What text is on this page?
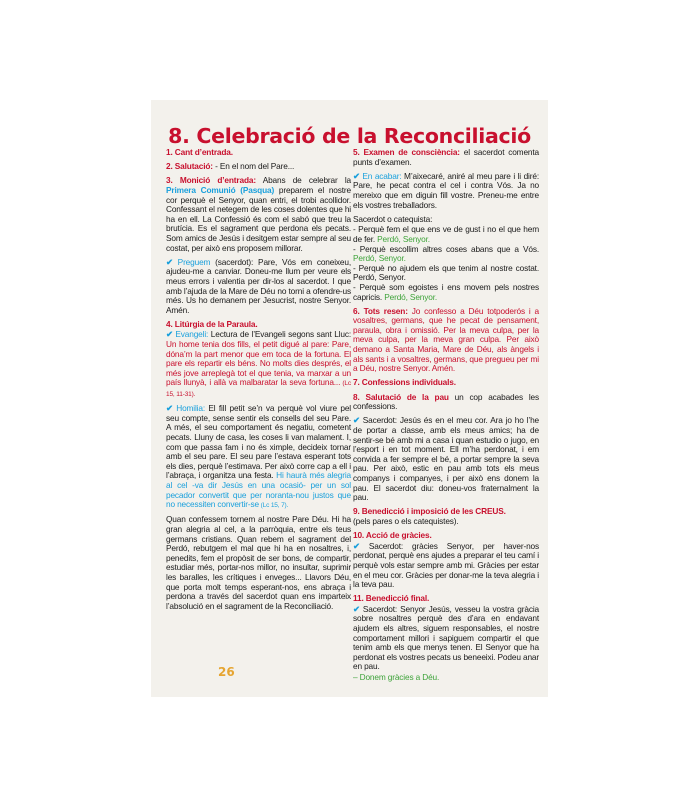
8. Celebració de la Reconciliació

1. Cant d’entrada.

2. Salutació: - En el nom del Pare...

3. Monició d’entrada: Abans de celebrar la Primera Comunió (Pasqua) preparem el nostre cor perquè el Senyor, quan entri, el trobi acollidor. Confessant el netegem de les coses dolentes que hi ha en ell. La Confessió és com el sabó que treu la brutícia. Es el sagrament que perdona els pecats. Som amics de Jesús i desitgem estar sempre al seu costat, per això ens proposem millorar.

✔ Preguem (sacerdot): Pare, Vós em coneixeu, ajudeu-me a canviar. Doneu-me llum per veure els meus errors i valentia per dir-los al sacerdot. I que amb l’ajuda de la Mare de Déu no torni a ofendre-us més. Us ho demanem per Jesucrist, nostre Senyor. Amén.

4. Litúrgia de la Paraula.

✔ Evangeli: Lectura de l’Evangeli segons sant Lluc: Un home tenia dos fills, el petit digué al pare: Pare, dóna’m la part menor que em toca de la fortuna. El pare els repartir els béns. No molts dies després, el més jove arreplegà tot el que tenia, va marxar a un país llunyà, i allà va malbaratar la seva fortuna... (Lc 15, 11-31).

✔ Homilia: El fill petit se’n va perquè vol viure pel seu compte, sense sentir els consells del seu Pare. A més, el seu comportament és negatiu, cometent pecats. Lluny de casa, les coses li van malament. I, com que passa fam i no és ximple, decideix tornar amb el seu pare. El seu pare l’estava esperant tots els dies, perquè l’estimava. Per això corre cap a ell i l’abraça, i organitza una festa. Hi haurà més alegria al cel -va dir Jesús en una ocasió- per un sol pecador convertit que per noranta-nou justos que no necessiten convertir-se (Lc 15, 7).

Quan confessem tornem al nostre Pare Déu. Hi ha gran alegria al cel, a la parròquia, entre els teus germans cristians. Quan rebem el sagrament del Perdó, rebutgem el mal que hi ha en nosaltres, i, penedits, fem el propòsit de ser bons, de compartir, estudiar més, portar-nos millor, no insultar, suprimir les baralles, les crítiques i enveges... Llavors Déu, que porta molt temps esperant-nos, ens abraça i perdona a través del sacerdot quan ens imparteix l’absolució en el sagrament de la Reconciliació.

5. Examen de consciència: el sacerdot comenta punts d’examen.

✔ En acabar: M’aixecaré, aniré al meu pare i li diré: Pare, he pecat contra el cel i contra Vós. Ja no mereixo que em diguin fill vostre. Preneu-me entre els vostres treballadors.

Sacerdot o catequista:

- Perquè fem el que ens ve de gust i no el que hem de fer. Perdó, Senyor.
- Perquè escollim altres coses abans que a Vós. Perdó, Senyor.
- Perquè no ajudem els que tenim al nostre costat. Perdó, Senyor.
- Perquè som egoistes i ens movem pels nostres capricis. Perdó, Senyor.

6. Tots resen: Jo confesso a Déu totpoderós i a vosaltres, germans, que he pecat de pensament, paraula, obra i omissió. Per la meva culpa, per la meva culpa, per la meva gran culpa. Per això demano a Santa Maria, Mare de Déu, als àngels i als sants i a vosaltres, germans, que pregueu per mi a Déu, nostre Senyor. Amén.

7. Confessions individuals.

8. Salutació de la pau un cop acabades les confessions.

✔ Sacerdot: Jesús és en el meu cor. Ara jo ho l’he de portar a classe, amb els meus amics; ha de sentir-se bé amb mi a casa i quan estudio o jugo, en l’esport i en tot moment. Ell m’ha perdonat, i em convida a fer sempre el bé, a portar sempre la seva pau. Per això, estic en pau amb tots els meus companys i companyes, i per això ens donem la pau. El sacerdot diu: doneu-vos fraternalment la pau.

9. Benedicció i imposició de les CREUS.
(pels pares o els catequistes).

10. Acció de gràcies.

✔ Sacerdot: gràcies Senyor, per haver-nos perdonat, perquè ens ajudes a preparar el teu camí i perquè vols estar sempre amb mi. Gràcies per estar en el meu cor. Gràcies per donar-me la teva alegria i la teva pau.

11. Benedicció final.

✔ Sacerdot: Senyor Jesús, vesseu la vostra gràcia sobre nosaltres perquè des d’ara en endavant ajudem els altres, siguem responsables, el nostre comportament millori i sapiguem compartir el que tenim amb els que menys tenen. El Senyor que ha perdonat els vostres pecats us beneeixi. Podeu anar en pau.

– Donem gràcies a Déu.

26
